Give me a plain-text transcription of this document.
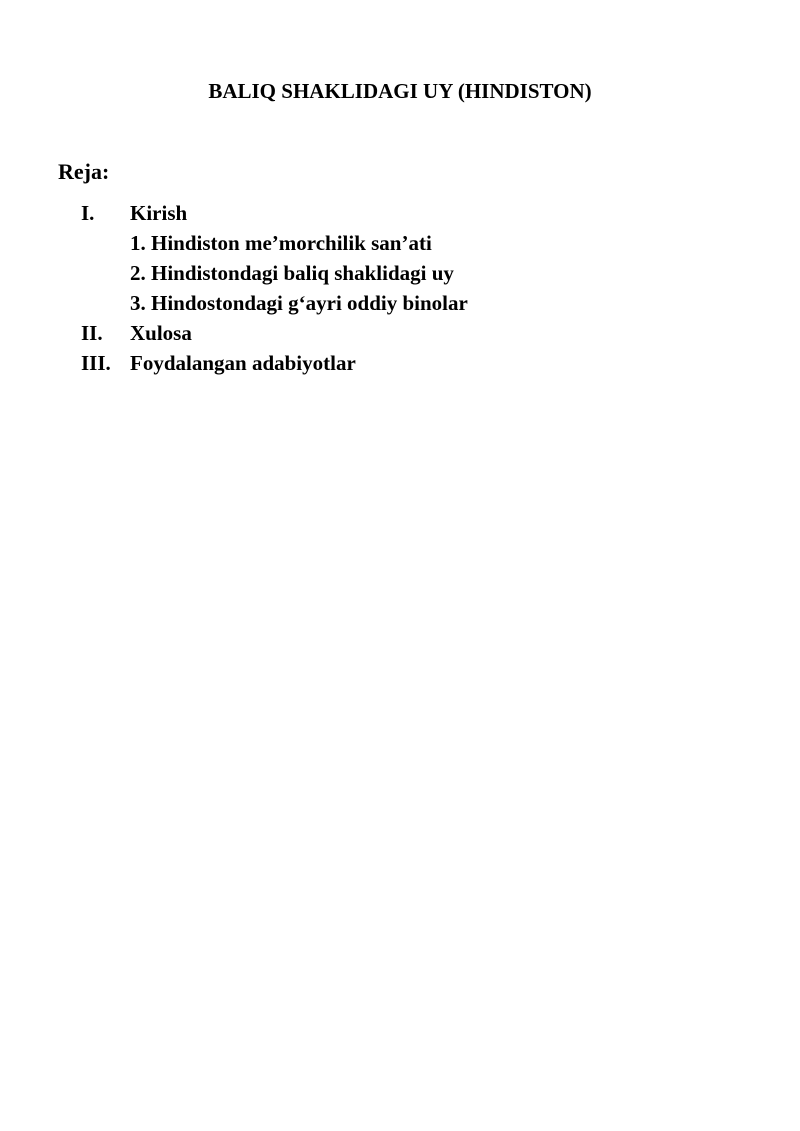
BALIQ SHAKLIDAGI UY (HINDISTON)
Reja:
I.	Kirish
1. Hindiston me’morchilik san’ati
2. Hindistondagi baliq shaklidagi uy
3. Hindostondagi g‘ayri oddiy binolar
II.	Xulosa
III. Foydalangan adabiyotlar
